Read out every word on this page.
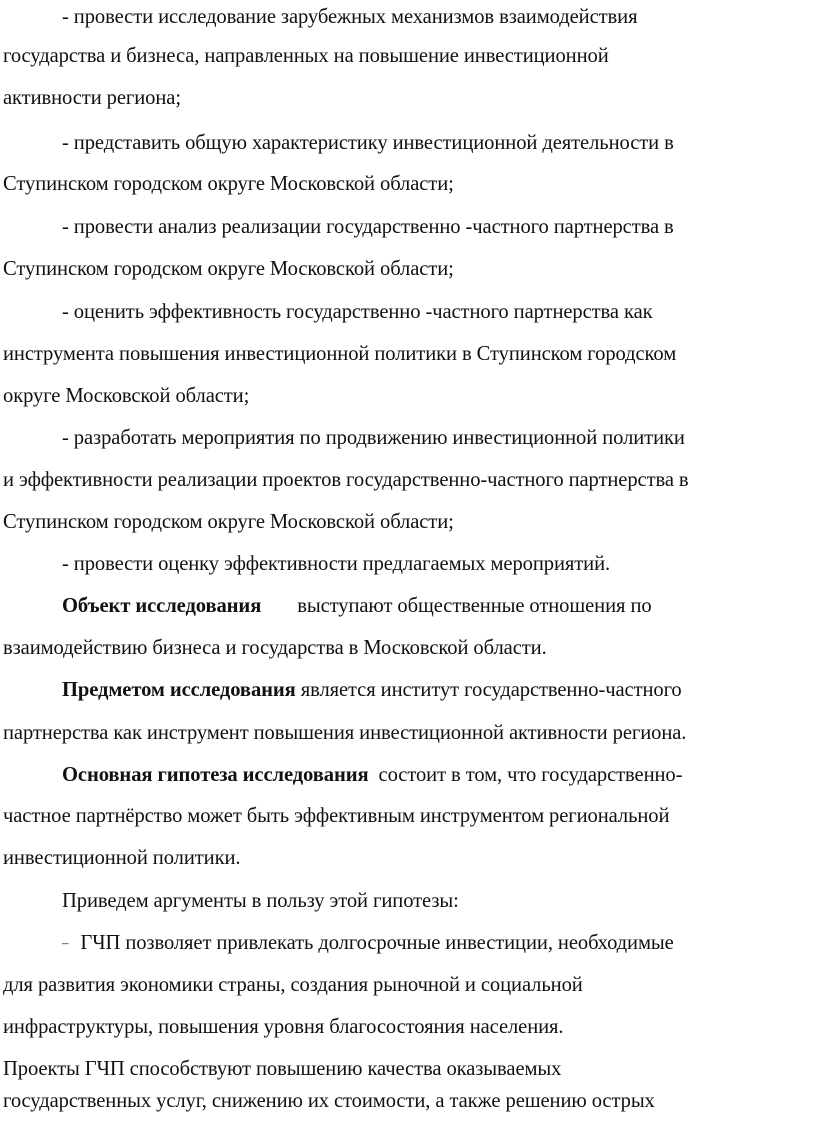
- провести исследование зарубежных механизмов взаимодействия
государства и бизнеса, направленных на повышение инвестиционной
активности региона;
- представить общую характеристику инвестиционной деятельности в
Ступинском городском округе Московской области;
- провести анализ реализации государственно -частного партнерства в
Ступинском городском округе Московской области;
- оценить эффективность государственно -частного партнерства как
инструмента повышения инвестиционной политики в Ступинском городском
округе Московской области;
- разработать мероприятия по продвижению инвестиционной политики
и эффективности реализации проектов государственно-частного партнерства в
Ступинском городском округе Московской области;
- провести оценку эффективности предлагаемых мероприятий.
Объект исследования выступают общественные отношения по
взаимодействию бизнеса и государства в Московской области.
Предметом исследования является институт государственно-частного
партнерства как инструмент повышения инвестиционной активности региона.
Основная гипотеза исследования состоит в том, что государственно-
частное партнёрство может быть эффективным инструментом региональной
инвестиционной политики.
Приведем аргументы в пользу этой гипотезы:
– ГЧП позволяет привлекать долгосрочные инвестиции, необходимые
для развития экономики страны, создания рыночной и социальной
инфраструктуры, повышения уровня благосостояния населения.
Проекты ГЧП способствуют повышению качества оказываемых
государственных услуг, снижению их стоимости, а также решению острых
